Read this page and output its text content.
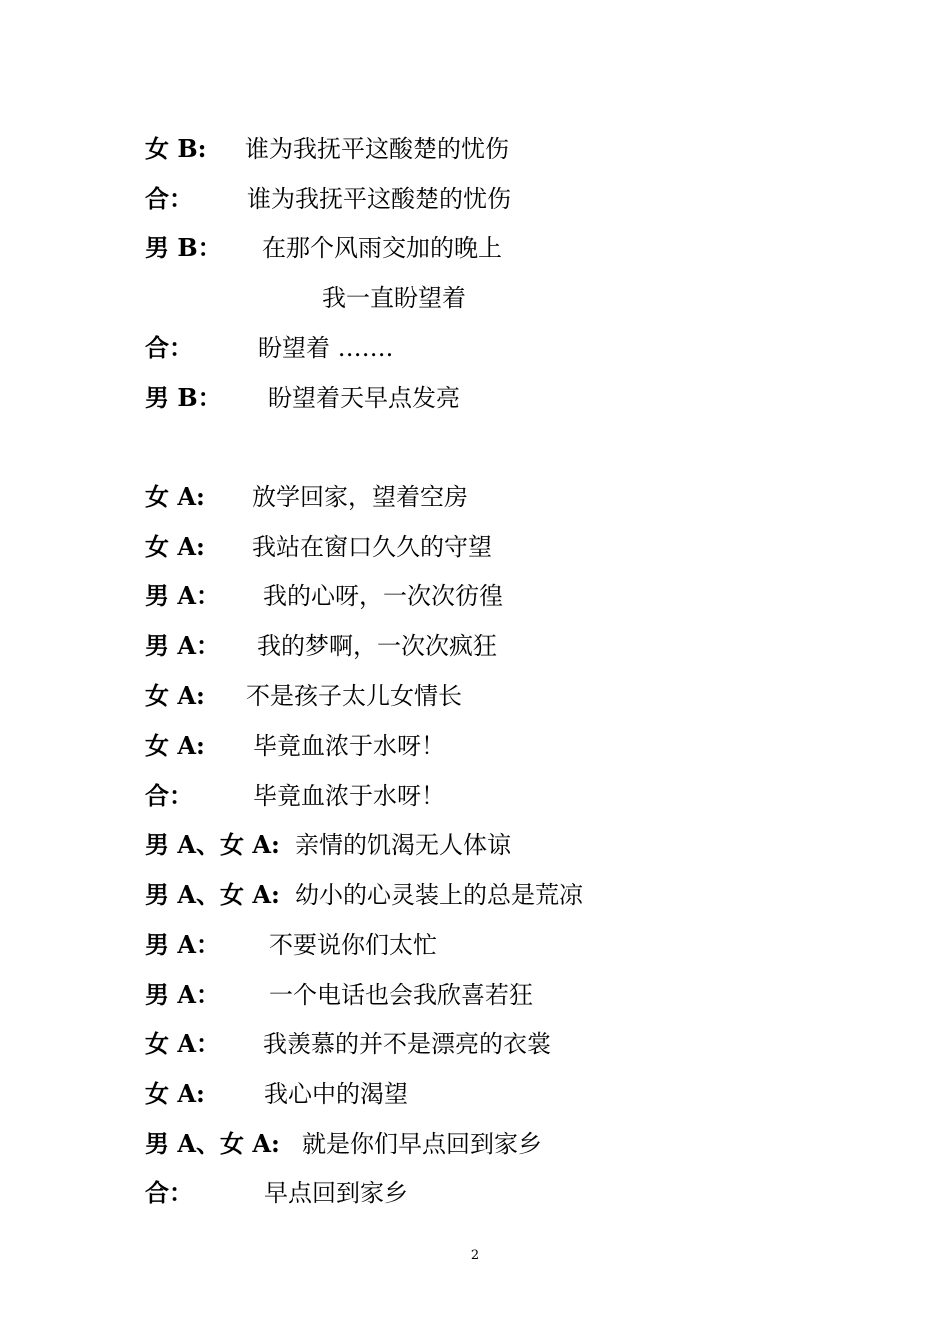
女 B: 谁为我抚平这酸楚的忧伤
合： 谁为我抚平这酸楚的忧伤
男 B： 在那个风雨交加的晚上
我一直盼望着
合：	盼望着 …….
男 B： 盼望着天早点发亮
女 A: 放学回家，望着空房
女 A: 我站在窗口久久的守望
男 A： 我的心呀，一次次彷徨
男 A： 我的梦啊，一次次疯狂
女 A: 不是孩子太儿女情长
女 A: 毕竟血浓于水呀！
合：	毕竟血浓于水呀！
男 A、女 A: 亲情的饥渴无人体谅
男 A、女 A: 幼小的心灵装上的总是荒凉
男 A： 不要说你们太忙
男 A： 一个电话也会我欣喜若狂
女 A： 我羡慕的并不是漂亮的衣裳
女 A: 我心中的渴望
男 A、女 A: 就是你们早点回到家乡
合：	早点回到家乡
2
